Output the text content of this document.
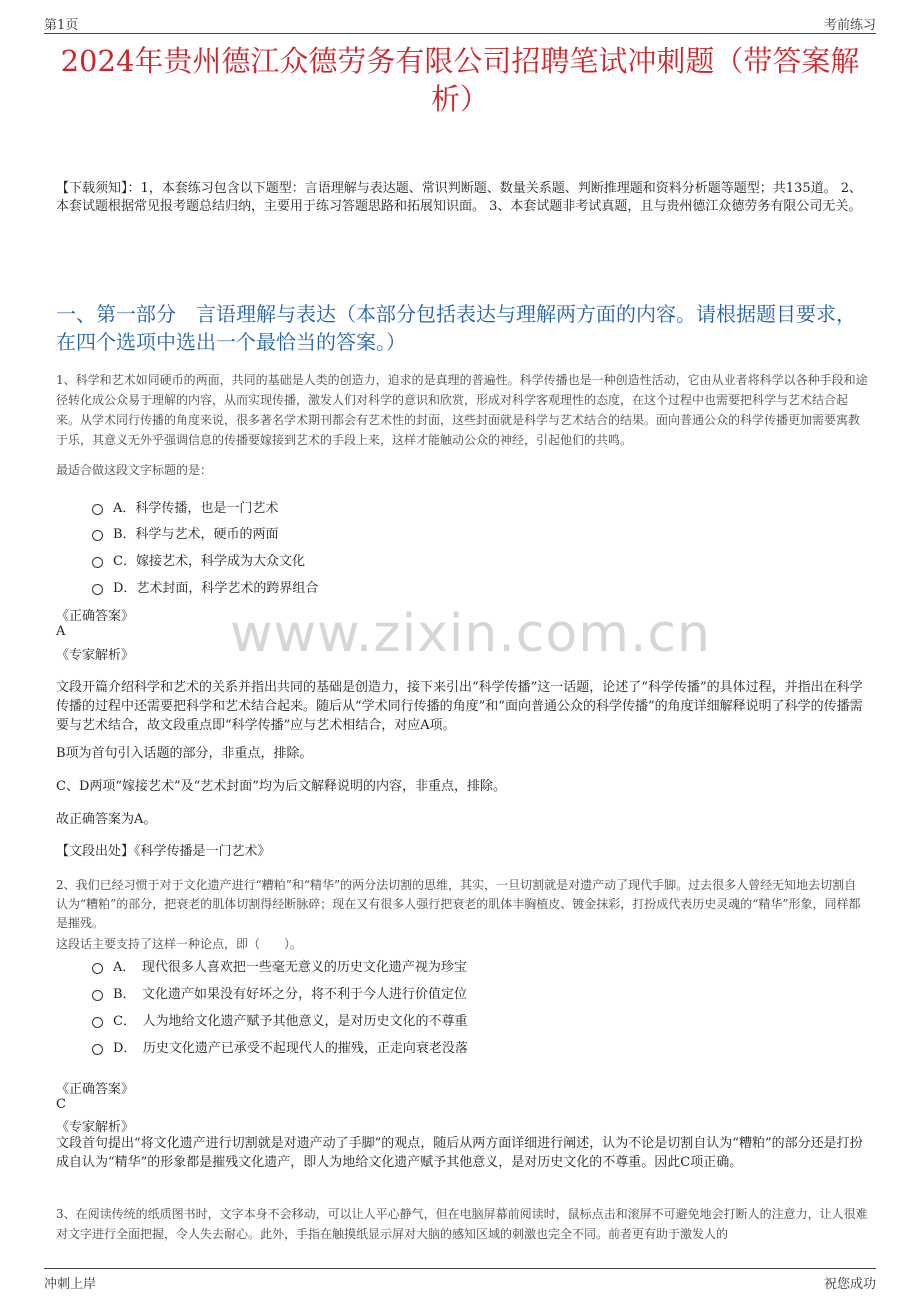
第1页	考前练习
2024年贵州德江众德劳务有限公司招聘笔试冲刺题（带答案解析）
【下载须知】：1，本套练习包含以下题型：言语理解与表达题、常识判断题、数量关系题、判断推理题和资料分析题等题型；共135道。 2、本套试题根据常见报考题总结归纳，主要用于练习答题思路和拓展知识面。 3、本套试题非考试真题，且与贵州德江众德劳务有限公司无关。
一、第一部分　言语理解与表达（本部分包括表达与理解两方面的内容。请根据题目要求，在四个选项中选出一个最恰当的答案。）
1、科学和艺术如同硬币的两面，共同的基础是人类的创造力，追求的是真理的普遍性。科学传播也是一种创造性活动，它由从业者将科学以各种手段和途径转化成公众易于理解的内容，从而实现传播，激发人们对科学的意识和欣赏，形成对科学客观理性的态度，在这个过程中也需要把科学与艺术结合起来。从学术同行传播的角度来说，很多著名学术期刊都会有艺术性的封面，这些封面就是科学与艺术结合的结果。面向普通公众的科学传播更加需要寓教于乐，其意义无外乎强调信息的传播要嫁接到艺术的手段上来，这样才能触动公众的神经，引起他们的共鸣。
最适合做这段文字标题的是：
A．科学传播，也是一门艺术
B．科学与艺术，硬币的两面
C．嫁接艺术，科学成为大众文化
D．艺术封面，科学艺术的跨界组合
《正确答案》
A
《专家解析》 www.zixin.com.cn
文段开篇介绍科学和艺术的关系并指出共同的基础是创造力，接下来引出“科学传播”这一话题，论述了“科学传播”的具体过程，并指出在科学传播的过程中还需要把科学和艺术结合起来。随后从“学术同行传播的角度”和“面向普通公众的科学传播”的角度详细解释说明了科学的传播需要与艺术结合，故文段重点即“科学传播”应与艺术相结合，对应A项。
B项为首句引入话题的部分，非重点，排除。
C、D两项“嫁接艺术”及“艺术封面”均为后文解释说明的内容，非重点，排除。
故正确答案为A。
【文段出处】《科学传播是一门艺术》
2、我们已经习惯于对于文化遗产进行“糟粕”和“精华”的两分法切割的思维，其实，一旦切割就是对遗产动了现代手脚。过去很多人曾经无知地去切割自认为“糟粕”的部分，把衰老的肌体切割得经断脉碎；现在又有很多人强行把衰老的肌体丰胸植皮、镀金抹彩，打扮成代表历史灵魂的“精华”形象，同样都是摧残。
这段话主要支持了这样一种论点，即（　　）。
A．　现代很多人喜欢把一些毫无意义的历史文化遗产视为珍宝
B．　文化遗产如果没有好坏之分，将不利于今人进行价值定位
C．　人为地给文化遗产赋予其他意义，是对历史文化的不尊重
D．　历史文化遗产已承受不起现代人的摧残，正走向衰老没落
《正确答案》
C
《专家解析》
文段首句提出“将文化遗产进行切割就是对遗产动了手脚”的观点，随后从两方面详细进行阐述，认为不论是切割自认为“糟粕”的部分还是打扮成自认为“精华”的形象都是摧残文化遗产，即人为地给文化遗产赋予其他意义，是对历史文化的不尊重。因此C项正确。
3、在阅读传统的纸质图书时，文字本身不会移动，可以让人平心静气，但在电脑屏幕前阅读时，鼠标点击和滚屏不可避免地会打断人的注意力，让人很难对文字进行全面把握，令人失去耐心。此外，手指在触摸纸显示屏对大脑的感知区域的刺激也完全不同。前者更有助于激发人的
冲刺上岸	祝您成功
